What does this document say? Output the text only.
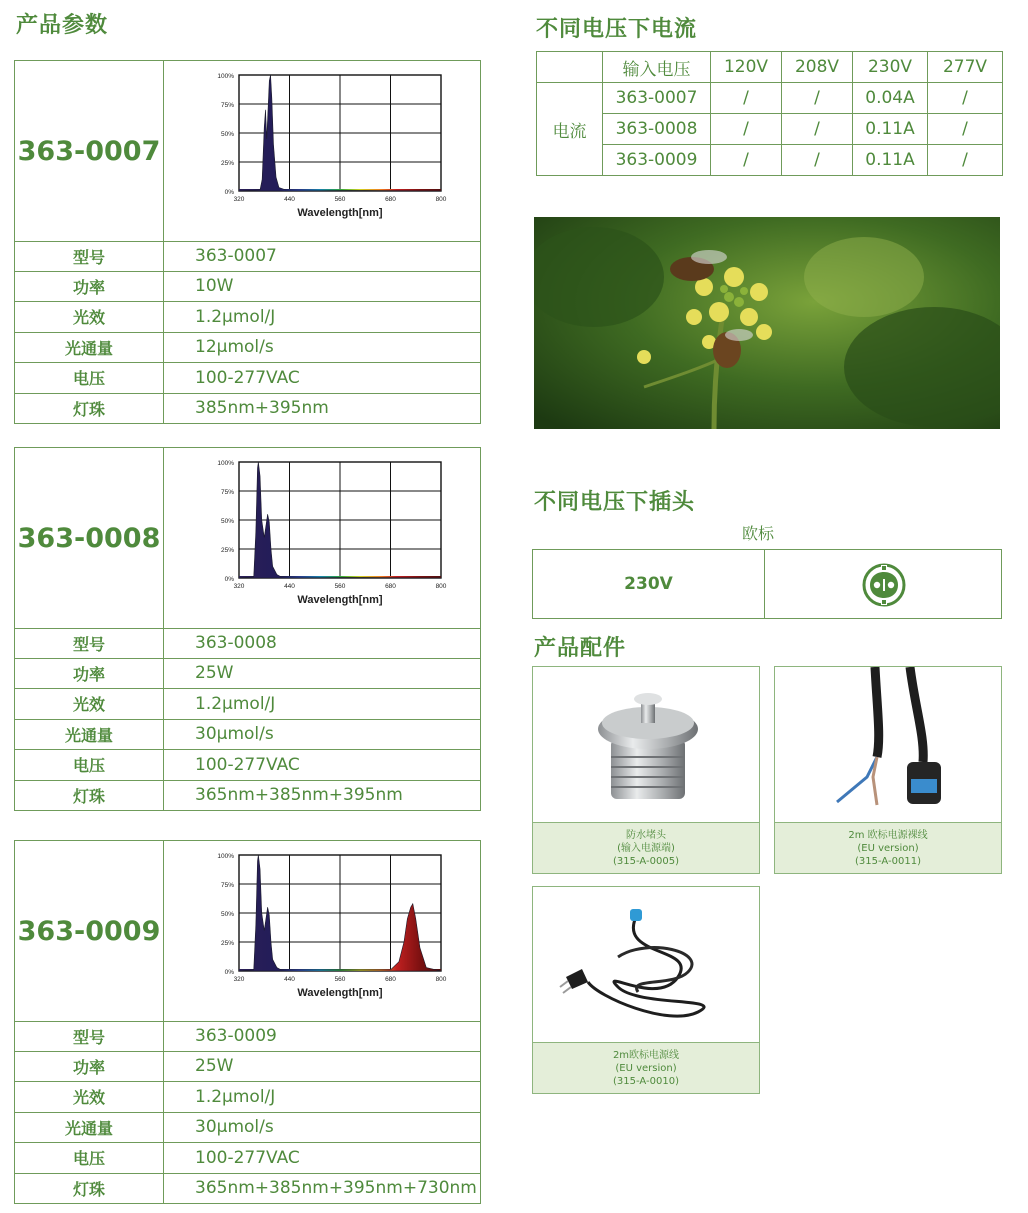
产品参数
363-0007
100%
75%
50%
25%
0%
320	440	560	680	800
Wavelength[nm]
型号	363-0007
功率	10W
光效	1.2μmol/J
光通量	12μmol/s
电压	100-277VAC
灯珠	385nm+395nm
363-0008
100%
75%
50%
25%
0%
320	440	560	680	800
Wavelength[nm]
型号	363-0008
功率	25W
光效	1.2μmol/J
光通量	30μmol/s
电压	100-277VAC
灯珠	365nm+385nm+395nm
363-0009
100%
75%
50%
25%
0%
320	440	560	680	800
Wavelength[nm]
型号	363-0009
功率	25W
光效	1.2μmol/J
光通量	30μmol/s
电压	100-277VAC
灯珠	365nm+385nm+395nm+730nm
不同电压下电流
	输入电压	120V	208V	230V	277V
电流	363-0007	/	/	0.04A	/
	363-0008	/	/	0.11A	/
	363-0009	/	/	0.11A	/
不同电压下插头
欧标
230V
产品配件
防水堵头
(输入电源端)
(315-A-0005)
2m 欧标电源裸线
(EU version)
(315-A-0011)
2m欧标电源线
(EU version)
(315-A-0010)
